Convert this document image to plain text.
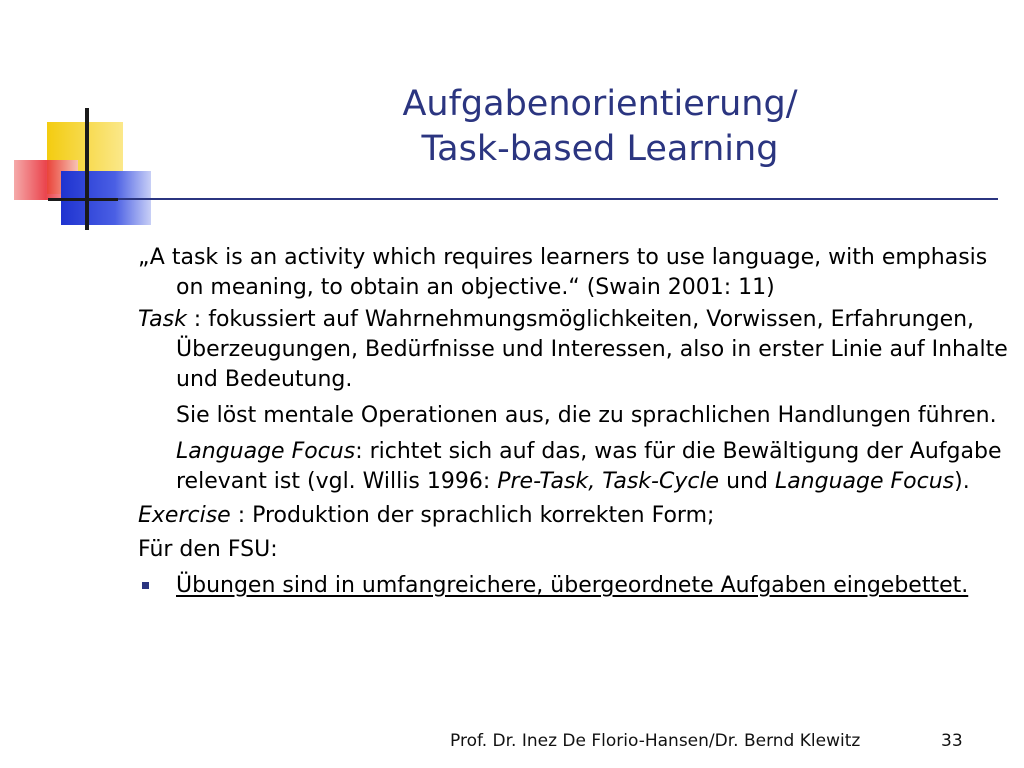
Aufgabenorientierung/
Task-based Learning

„A task is an activity which requires learners to use language, with emphasis on meaning, to obtain an objective.“ (Swain 2001: 11)

Task : fokussiert auf Wahrnehmungsmöglichkeiten, Vorwissen, Erfahrungen, Überzeugungen, Bedürfnisse und Interessen, also in erster Linie auf Inhalte und Bedeutung.

Sie löst mentale Operationen aus, die zu sprachlichen Handlungen führen.

Language Focus: richtet sich auf das, was für die Bewältigung der Aufgabe relevant ist (vgl. Willis 1996: Pre-Task, Task-Cycle und Language Focus).

Exercise : Produktion der sprachlich korrekten Form;

Für den FSU:

Übungen sind in umfangreichere, übergeordnete Aufgaben eingebettet.
Prof. Dr. Inez De Florio-Hansen/Dr. Bernd Klewitz	33
